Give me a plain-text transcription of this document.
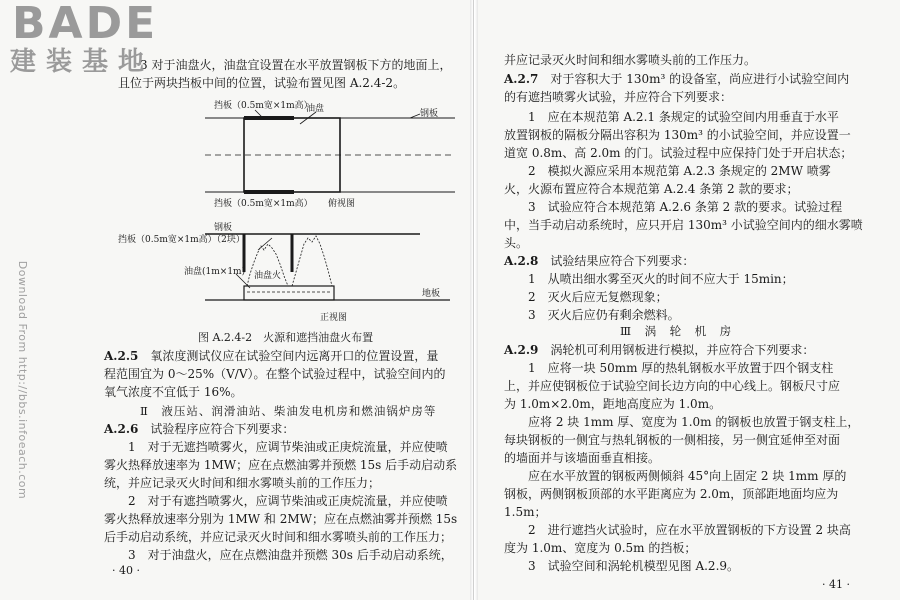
3 对于油盘火，油盘宜设置在水平放置钢板下方的地面上，
且位于两块挡板中间的位置，试验布置见图 A.2.4-2。
挡板（0.5m宽×1m高）
油盘	钢板
挡板（0.5m宽×1m高） 俯视图
钢板
挡板（0.5m宽×1m高）（2块）
油盘(1m×1m) 油盘火
地板
正视图
图 A.2.4-2　火源和遮挡油盘火布置
A.2.5　 氧浓度测试仪应在试验空间内远离开口的位置设置，量
程范围宜为 0～25%（V/V）。在整个试验过程中，试验空间内的
氧气浓度不宜低于 16%。
Ⅱ　液压站、润滑油站、柴油发电机房和燃油锅炉房等
A.2.6　 试验程序应符合下列要求：
1　对于无遮挡喷雾火，应调节柴油或正庚烷流量，并应使喷
雾火热释放速率为 1MW；应在点燃油雾并预燃 15s 后手动启动系
统，并应记录灭火时间和细水雾喷头前的工作压力；
2　对于有遮挡喷雾火，应调节柴油或正庚烷流量，并应使喷
雾火热释放速率分别为 1MW 和 2MW；应在点燃油雾并预燃 15s
后手动启动系统，并应记录灭火时间和细水雾喷头前的工作压力；
3　对于油盘火，应在点燃油盘并预燃 30s 后手动启动系统，
· 40 ·
BADE
建装基地
Download From http://bbs.infoeach.com
并应记录灭火时间和细水雾喷头前的工作压力。
A.2.7　 对于容积大于 130m³ 的设备室，尚应进行小试验空间内
的有遮挡喷雾火试验，并应符合下列要求：
1　应在本规范第 A.2.1 条规定的试验空间内用垂直于水平
放置钢板的隔板分隔出容积为 130m³ 的小试验空间，并应设置一
道宽 0.8m、高 2.0m 的门。试验过程中应保持门处于开启状态；
2　模拟火源应采用本规范第 A.2.3 条规定的 2MW 喷雾
火，火源布置应符合本规范第 A.2.4 条第 2 款的要求；
3　试验应符合本规范第 A.2.6 条第 2 款的要求。试验过程
中，当手动启动系统时，应只开启 130m³ 小试验空间内的细水雾喷
头。
A.2.8　 试验结果应符合下列要求：
1　从喷出细水雾至灭火的时间不应大于 15min；
2　灭火后应无复燃现象；
3　灭火后应仍有剩余燃料。
Ⅲ　涡　轮　机　房
A.2.9　 涡轮机可利用钢板进行模拟，并应符合下列要求：
1　应将一块 50mm 厚的热轧钢板水平放置于四个钢支柱
上，并应使钢板位于试验空间长边方向的中心线上。钢板尺寸应
为 1.0m×2.0m，距地高度应为 1.0m。
应将 2 块 1mm 厚、宽度为 1.0m 的钢板也放置于钢支柱上，
每块钢板的一侧宜与热轧钢板的一侧相接，另一侧宜延伸至对面
的墙面并与该墙面垂直相接。
应在水平放置的钢板两侧倾斜 45°向上固定 2 块 1mm 厚的
钢板，两侧钢板顶部的水平距离应为 2.0m，顶部距地面均应为
1.5m；
2　进行遮挡火试验时，应在水平放置钢板的下方设置 2 块高
度为 1.0m、宽度为 0.5m 的挡板；
3　试验空间和涡轮机模型见图 A.2.9。
· 41 ·
